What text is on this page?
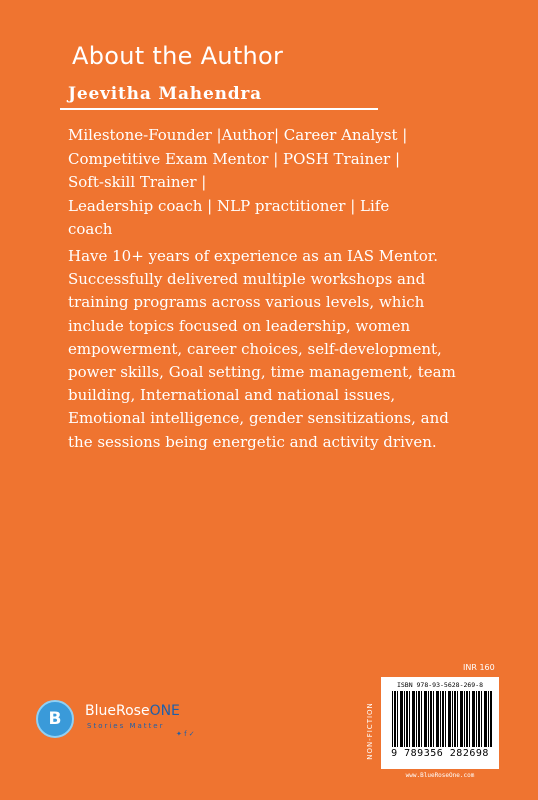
About the Author
Jeevitha Mahendra
Milestone-Founder |Author| Career Analyst |
Competitive Exam Mentor | POSH Trainer |
Soft-skill Trainer |
Leadership coach | NLP practitioner | Life
coach
Have 10+ years of experience as an IAS Mentor.
Successfully delivered multiple workshops and
training programs across various levels, which
include topics focused on leadership, women
empowerment, career choices, self-development,
power skills, Goal setting, time management, team
building, International and national issues,
Emotional intelligence, gender sensitizations, and
the sessions being energetic and activity driven.
B	BlueRoseONE
Stories Matter
✦ f ✓
INR 160
NON-FICTION
ISBN 978-93-5628-269-8
9 789356 282698
www.BlueRoseOne.com
